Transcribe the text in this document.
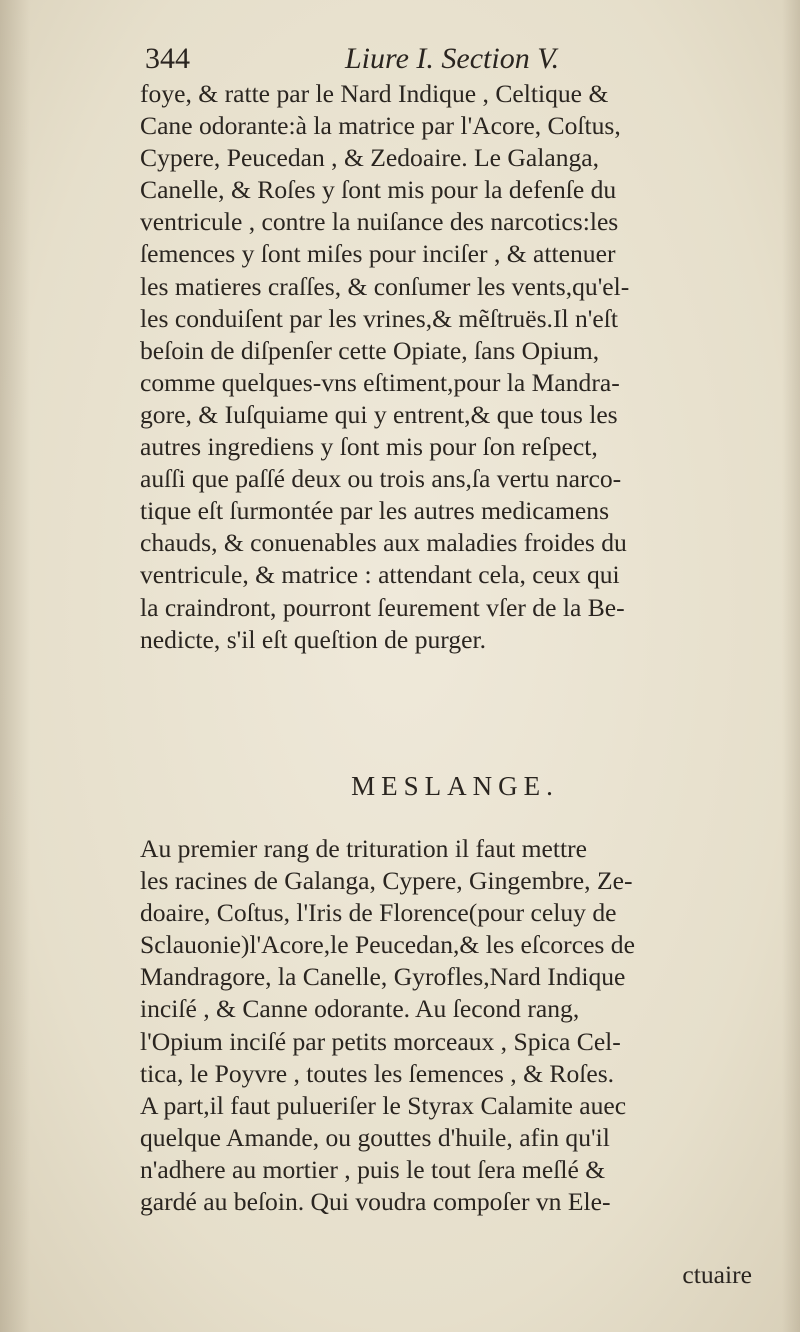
344	Liure I. Section V.
foye, & ratte par le Nard Indique , Celtique &
Cane odorante:à la matrice par l'Acore, Coſtus,
Cypere, Peucedan , & Zedoaire. Le Galanga,
Canelle, & Roſes y ſont mis pour la defenſe du
ventricule , contre la nuiſance des narcotics:les
ſemences y ſont miſes pour inciſer , & attenuer
les matieres craſſes, & conſumer les vents,qu'el-
les conduiſent par les vrines,& mẽſtruës.Il n'eſt
beſoin de diſpenſer cette Opiate, ſans Opium,
comme quelques-vns eſtiment,pour la Mandra-
gore, & Iuſquiame qui y entrent,& que tous les
autres ingrediens y ſont mis pour ſon reſpect,
auſſi que paſſé deux ou trois ans,ſa vertu narco-
tique eſt ſurmontée par les autres medicamens
chauds, & conuenables aux maladies froides du
ventricule, & matrice : attendant cela, ceux qui
la craindront, pourront ſeurement vſer de la Be-
nedicte, s'il eſt queſtion de purger.
MESLANGE.
Au premier rang de trituration il faut mettre
les racines de Galanga, Cypere, Gingembre, Ze-
doaire, Coſtus, l'Iris de Florence(pour celuy de
Sclauonie)l'Acore,le Peucedan,& les eſcorces de
Mandragore, la Canelle, Gyrofles,Nard Indique
inciſé , & Canne odorante. Au ſecond rang,
l'Opium inciſé par petits morceaux , Spica Cel-
tica, le Poyvre , toutes les ſemences , & Roſes.
A part,il faut pulueriſer le Styrax Calamite auec
quelque Amande, ou gouttes d'huile, afin qu'il
n'adhere au mortier , puis le tout ſera meſlé &
gardé au beſoin. Qui voudra compoſer vn Ele-
ctuaire
